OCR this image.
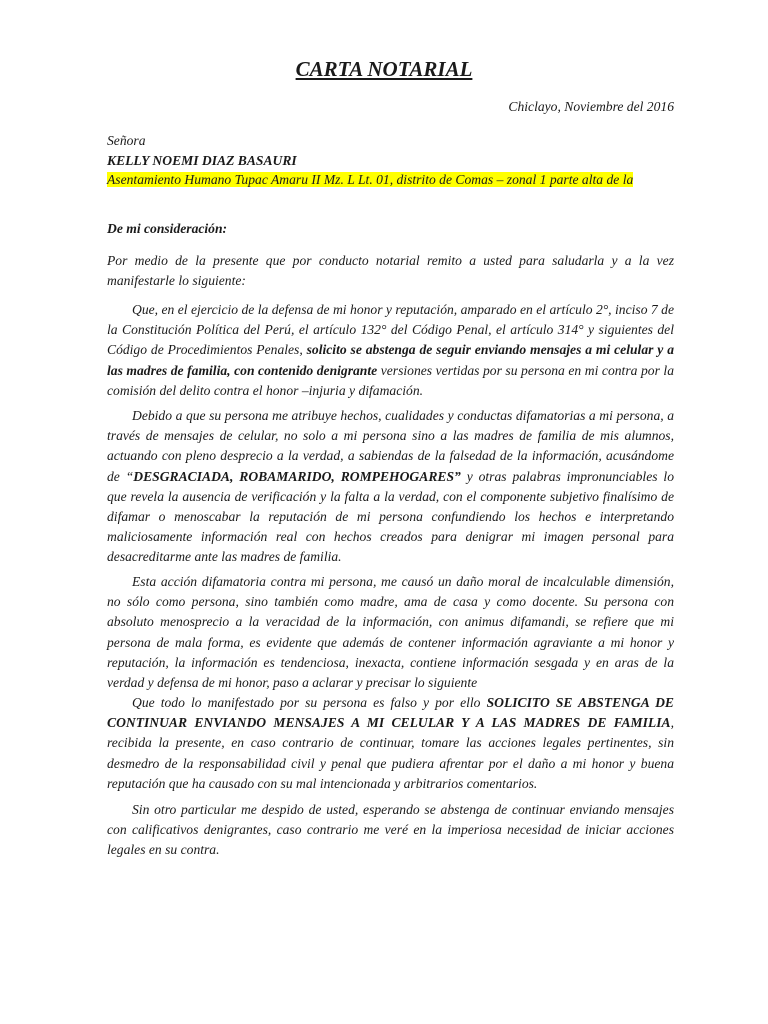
CARTA NOTARIAL
Chiclayo, Noviembre del 2016
Señora
KELLY NOEMI DIAZ BASAURI
Asentamiento Humano Tupac Amaru II Mz. L Lt. 01, distrito de Comas – zonal 1 parte alta de la
De mi consideración:

Por medio de la presente que por conducto notarial remito a usted para saludarla y a la vez manifestarle lo siguiente:

Que, en el ejercicio de la defensa de mi honor y reputación, amparado en el artículo 2°, inciso 7 de la Constitución Política del Perú, el artículo 132° del Código Penal, el artículo 314° y siguientes del Código de Procedimientos Penales, solicito se abstenga de seguir enviando mensajes a mi celular y a las madres de familia, con contenido denigrante versiones vertidas por su persona en mi contra por la comisión del delito contra el honor –injuria y difamación.

Debido a que su persona me atribuye hechos, cualidades y conductas difamatorias a mi persona, a través de mensajes de celular, no solo a mi persona sino a las madres de familia de mis alumnos, actuando con pleno desprecio a la verdad, a sabiendas de la falsedad de la información, acusándome de “DESGRACIADA, ROBAMARIDO, ROMPEHOGARES” y otras palabras impronunciables lo que revela la ausencia de verificación y la falta a la verdad, con el componente subjetivo finalísimo de difamar o menoscabar la reputación de mi persona confundiendo los hechos e interpretando maliciosamente información real con hechos creados para denigrar mi imagen personal para desacreditarme ante las madres de familia.

Esta acción difamatoria contra mi persona, me causó un daño moral de incalculable dimensión, no sólo como persona, sino también como madre, ama de casa y como docente. Su persona con absoluto menosprecio a la veracidad de la información, con animus difamandi, se refiere que mi persona de mala forma, es evidente que además de contener información agraviante a mi honor y reputación, la información es tendenciosa, inexacta, contiene información sesgada y en aras de la verdad y defensa de mi honor, paso a aclarar y precisar lo siguiente

Que todo lo manifestado por su persona es falso y por ello SOLICITO SE ABSTENGA DE CONTINUAR ENVIANDO MENSAJES A MI CELULAR Y A LAS MADRES DE FAMILIA, recibida la presente, en caso contrario de continuar, tomare las acciones legales pertinentes, sin desmedro de la responsabilidad civil y penal que pudiera afrentar por el daño a mi honor y buena reputación que ha causado con su mal intencionada y arbitrarios comentarios.

Sin otro particular me despido de usted, esperando se abstenga de continuar enviando mensajes con calificativos denigrantes, caso contrario me veré en la imperiosa necesidad de iniciar acciones legales en su contra.
